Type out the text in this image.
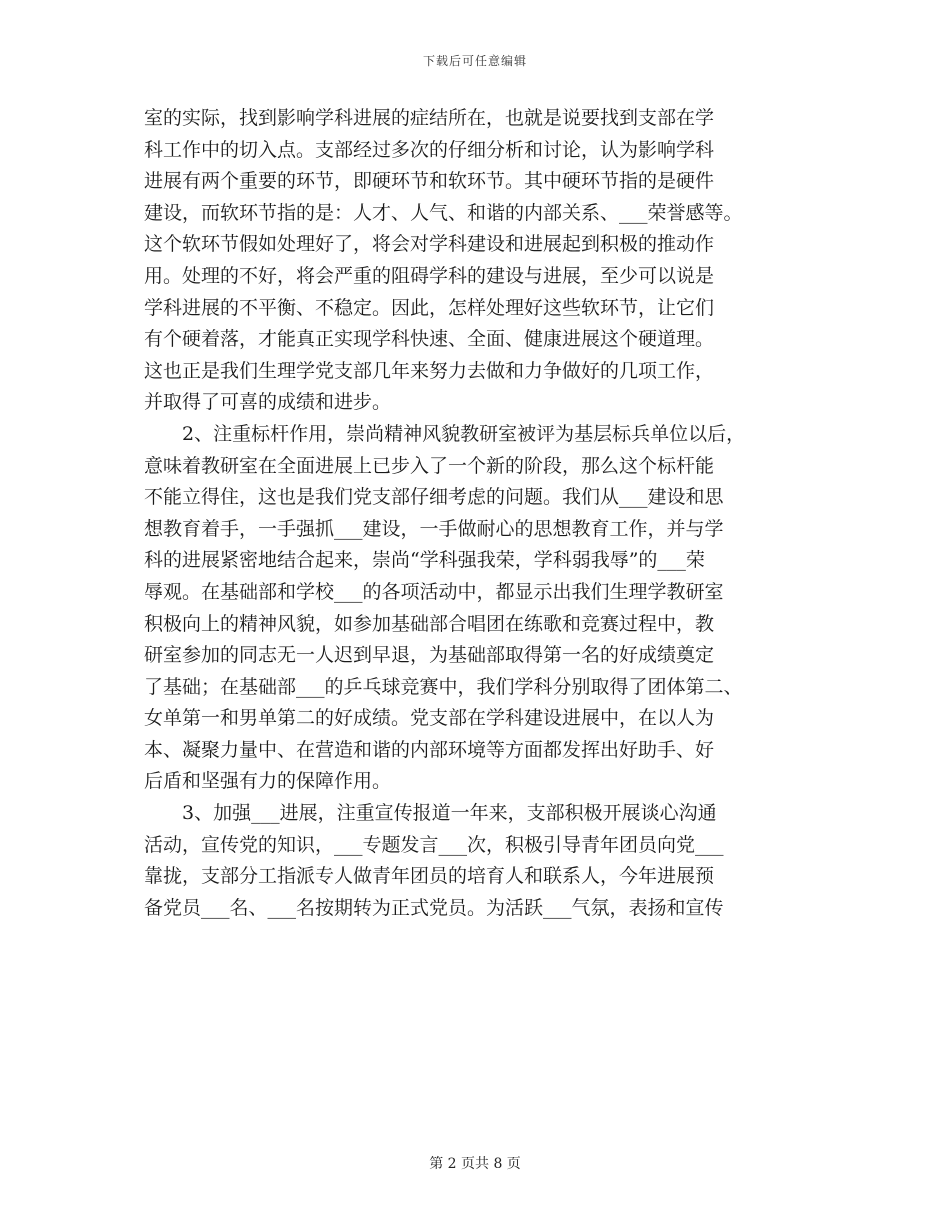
下载后可任意编辑
室的实际，找到影响学科进展的症结所在，也就是说要找到支部在学
科工作中的切入点。支部经过多次的仔细分析和讨论，认为影响学科
进展有两个重要的环节，即硬环节和软环节。其中硬环节指的是硬件
建设，而软环节指的是：人才、人气、和谐的内部关系、___荣誉感等。
这个软环节假如处理好了，将会对学科建设和进展起到积极的推动作
用。处理的不好，将会严重的阻碍学科的建设与进展，至少可以说是
学科进展的不平衡、不稳定。因此，怎样处理好这些软环节，让它们
有个硬着落，才能真正实现学科快速、全面、健康进展这个硬道理。
这也正是我们生理学党支部几年来努力去做和力争做好的几项工作，
并取得了可喜的成绩和进步。
2、注重标杆作用，崇尚精神风貌教研室被评为基层标兵单位以后，
意味着教研室在全面进展上已步入了一个新的阶段，那么这个标杆能
不能立得住，这也是我们党支部仔细考虑的问题。我们从___建设和思
想教育着手，一手强抓___建设，一手做耐心的思想教育工作，并与学
科的进展紧密地结合起来，崇尚“学科强我荣，学科弱我辱”的___荣
辱观。在基础部和学校___的各项活动中，都显示出我们生理学教研室
积极向上的精神风貌，如参加基础部合唱团在练歌和竞赛过程中，教
研室参加的同志无一人迟到早退，为基础部取得第一名的好成绩奠定
了基础；在基础部___的乒乓球竞赛中，我们学科分别取得了团体第二、
女单第一和男单第二的好成绩。党支部在学科建设进展中，在以人为
本、凝聚力量中、在营造和谐的内部环境等方面都发挥出好助手、好
后盾和坚强有力的保障作用。
3、加强___进展，注重宣传报道一年来，支部积极开展谈心沟通
活动，宣传党的知识，___专题发言___次，积极引导青年团员向党___
靠拢，支部分工指派专人做青年团员的培育人和联系人，今年进展预
备党员___名、___名按期转为正式党员。为活跃___气氛，表扬和宣传
第 2 页共 8 页
